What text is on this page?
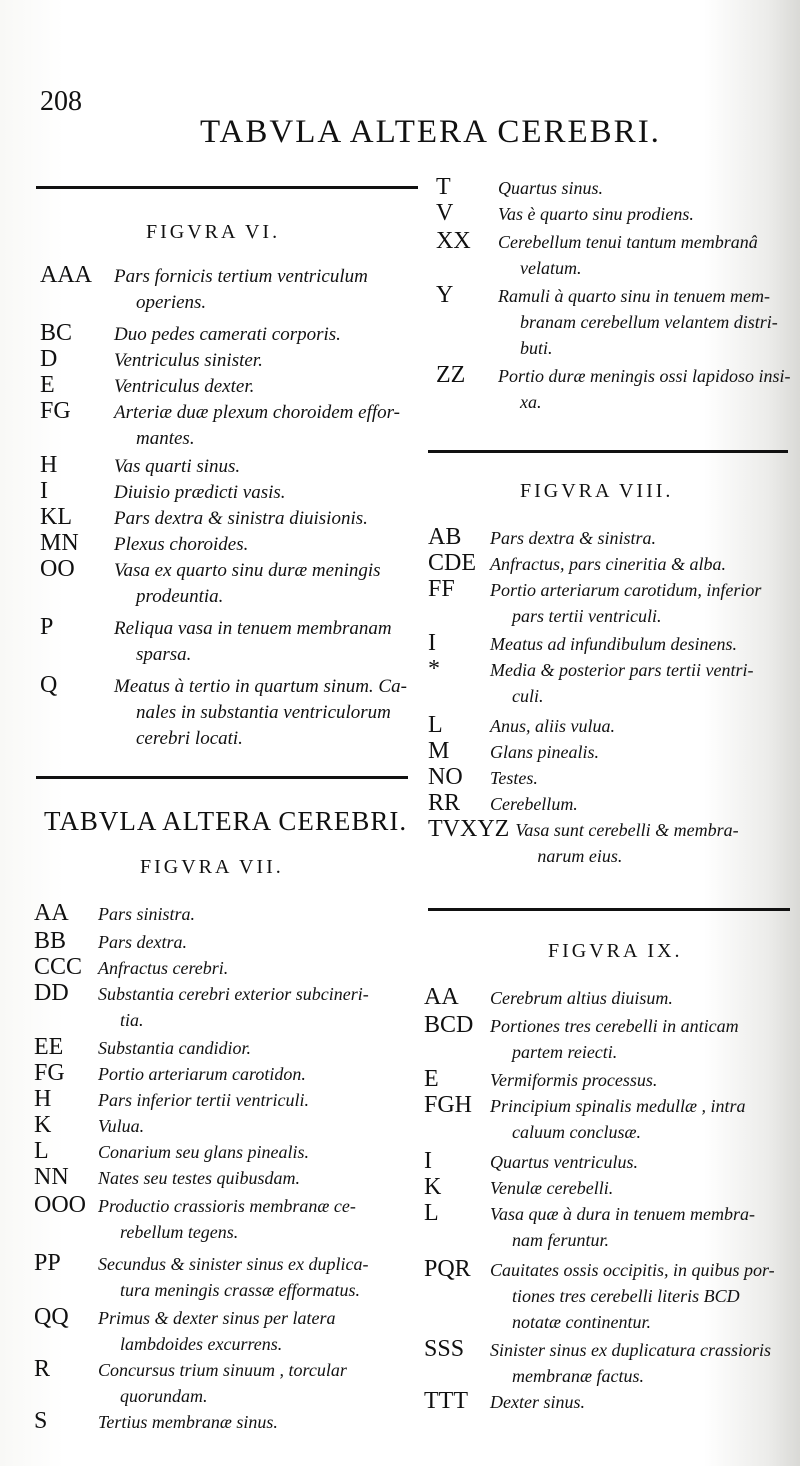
208
TABVLA ALTERA CEREBRI.
FIGVRA VI.
AAA	Pars fornicis tertium ventriculum
operiens.
BC	Duo pedes camerati corporis.
D	Ventriculus sinister.
E	Ventriculus dexter.
FG	Arteriæ duæ plexum choroidem effor-
mantes.
H	Vas quarti sinus.
I	Diuisio prædicti vasis.
KL	Pars dextra & sinistra diuisionis.
MN	Plexus choroides.
OO	Vasa ex quarto sinu duræ meningis
prodeuntia.
P	Reliqua vasa in tenuem membranam
sparsa.
Q	Meatus à tertio in quartum sinum. Ca-
nales in substantia ventriculorum
cerebri locati.
TABVLA ALTERA CEREBRI.
FIGVRA VII.
AA	Pars sinistra.
BB	Pars dextra.
CCC Anfractus cerebri.
DD	Substantia cerebri exterior subcineri-
tia.
EE	Substantia candidior.
FG	Portio arteriarum carotidon.
H	Pars inferior tertii ventriculi.
K	Vulua.
L	Conarium seu glans pinealis.
NN	Nates seu testes quibusdam.
OOO Productio crassioris membranæ ce-
rebellum tegens.
PP	Secundus & sinister sinus ex duplica-
tura meningis crassæ efformatus.
QQ	Primus & dexter sinus per latera
lambdoides excurrens.
R	Concursus trium sinuum , torcular
quorundam.
S	Tertius membranæ sinus.
T	Quartus sinus.
V	Vas è quarto sinu prodiens.
XX	Cerebellum tenui tantum membranâ
velatum.
Y	Ramuli à quarto sinu in tenuem mem-
branam cerebellum velantem distri-
buti.
ZZ	Portio duræ meningis ossi lapidoso insi-
xa.
FIGVRA VIII.
AB	Pars dextra & sinistra.
CDE Anfractus, pars cineritia & alba.
FF	Portio arteriarum carotidum, inferior
pars tertii ventriculi.
I	Meatus ad infundibulum desinens.
*	Media & posterior pars tertii ventri-
culi.
L	Anus, aliis vulua.
M	Glans pinealis.
NO	Testes.
RR	Cerebellum.
TVXYZ Vasa sunt cerebelli & membra-
narum eius.
FIGVRA IX.
AA	Cerebrum altius diuisum.
BCD Portiones tres cerebelli in anticam
partem reiecti.
E	Vermiformis processus.
FGH Principium spinalis medullæ , intra
caluum conclusæ.
I	Quartus ventriculus.
K	Venulæ cerebelli.
L	Vasa quæ à dura in tenuem membra-
nam feruntur.
PQR	Cauitates ossis occipitis, in quibus por-
tiones tres cerebelli literis BCD
notatæ continentur.
SSS	Sinister sinus ex duplicatura crassioris
membranæ factus.
TTT	Dexter sinus.
